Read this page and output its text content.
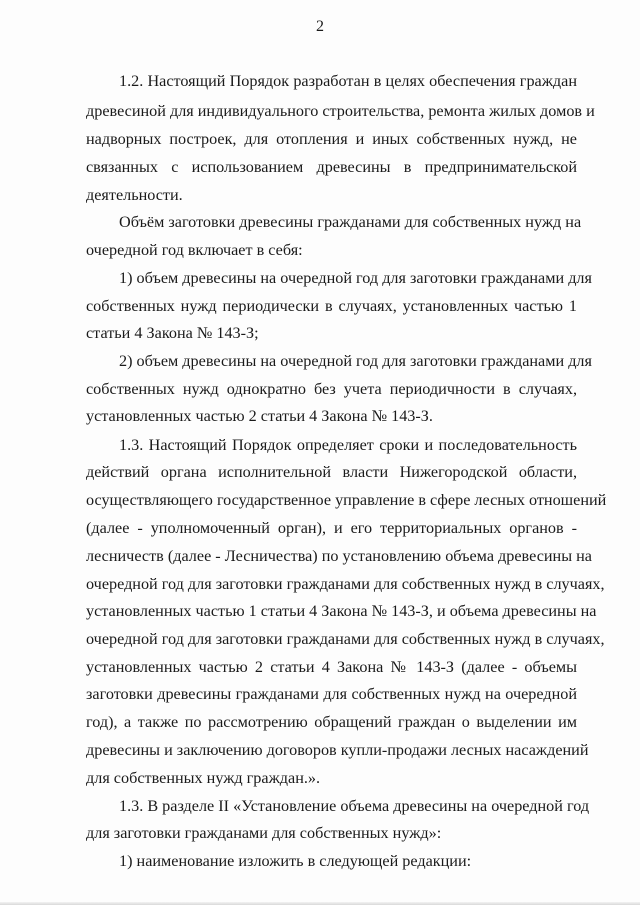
2
1.2. Настоящий Порядок разработан в целях обеспечения граждан
древесиной для индивидуального строительства, ремонта жилых домов и
надворных построек, для отопления и иных собственных нужд, не
связанных с использованием древесины в предпринимательской
деятельности.
Объём заготовки древесины гражданами для собственных нужд на
очередной год включает в себя:
1) объем древесины на очередной год для заготовки гражданами для
собственных нужд периодически в случаях, установленных частью 1
статьи 4 Закона № 143-З;
2) объем древесины на очередной год для заготовки гражданами для
собственных нужд однократно без учета периодичности в случаях,
установленных частью 2 статьи 4 Закона № 143-З.
1.3. Настоящий Порядок определяет сроки и последовательность
действий органа исполнительной власти Нижегородской области,
осуществляющего государственное управление в сфере лесных отношений
(далее - уполномоченный орган), и его территориальных органов -
лесничеств (далее - Лесничества) по установлению объема древесины на
очередной год для заготовки гражданами для собственных нужд в случаях,
установленных частью 1 статьи 4 Закона № 143-З, и объема древесины на
очередной год для заготовки гражданами для собственных нужд в случаях,
установленных частью 2 статьи 4 Закона № 143-З (далее - объемы
заготовки древесины гражданами для собственных нужд на очередной
год), а также по рассмотрению обращений граждан о выделении им
древесины и заключению договоров купли-продажи лесных насаждений
для собственных нужд граждан.».
1.3. В разделе II «Установление объема древесины на очередной год
для заготовки гражданами для собственных нужд»:
1) наименование изложить в следующей редакции:
